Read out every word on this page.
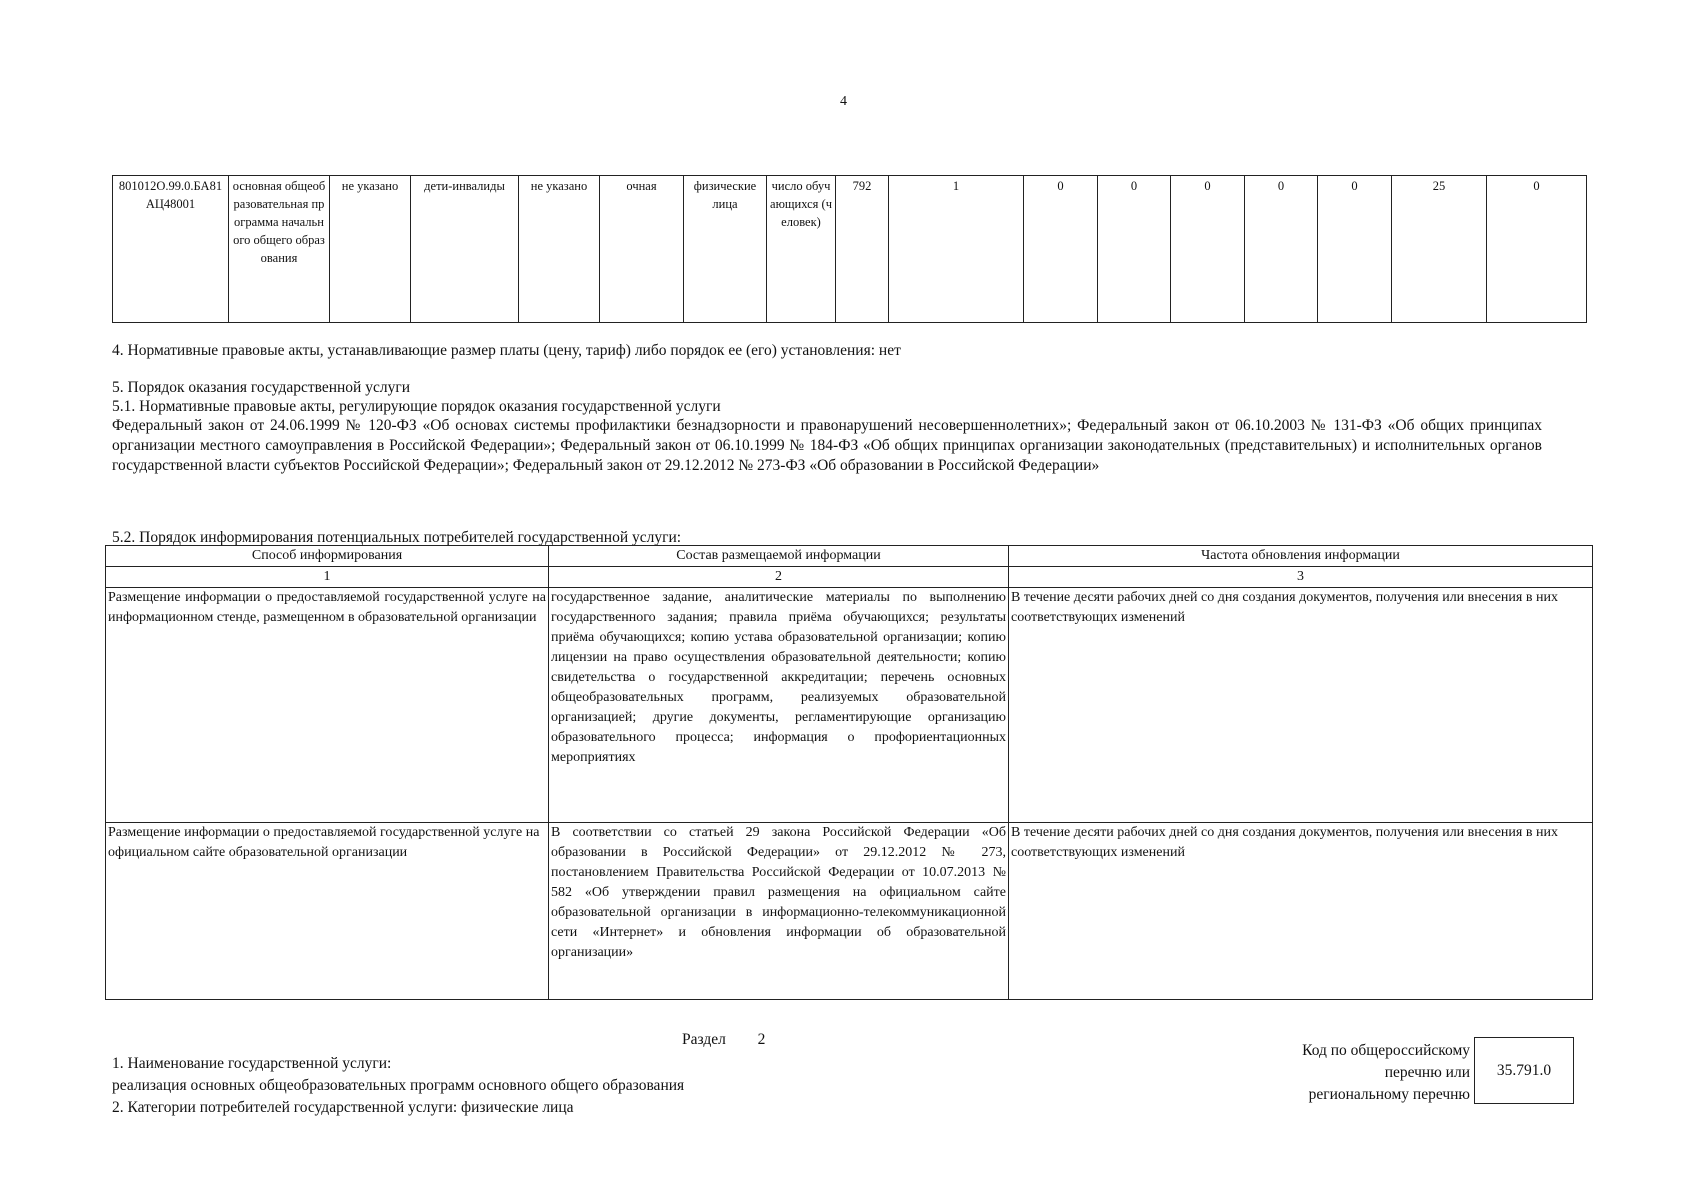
4
801012О.99.0.БА81АЦ48001	основная общеобразовательная программа начального общего образования	не указано	дети-инвалиды	не указано	очная	физические лица	число обучающихся (человек)	792	1	0	0	0	0	0	25	0
4. Нормативные правовые акты, устанавливающие размер платы (цену, тариф) либо порядок ее (его) установления: нет
5. Порядок оказания государственной услуги
5.1. Нормативные правовые акты, регулирующие порядок оказания государственной услуги
Федеральный закон от 24.06.1999 № 120-ФЗ «Об основах системы профилактики безнадзорности и правонарушений несовершеннолетних»; Федеральный закон от 06.10.2003 № 131-ФЗ «Об общих принципах организации местного самоуправления в Российской Федерации»; Федеральный закон от 06.10.1999 № 184-ФЗ «Об общих принципах организации законодательных (представительных) и исполнительных органов государственной власти субъектов Российской Федерации»; Федеральный закон от 29.12.2012 № 273-ФЗ «Об образовании в Российской Федерации»
5.2. Порядок информирования потенциальных потребителей государственной услуги:
Способ информирования	Состав размещаемой информации	Частота обновления информации
1	2	3
Размещение информации о предоставляемой государственной услуге на информационном стенде, размещенном в образовательной организации	государственное задание, аналитические материалы по выполнению государственного задания; правила приёма обучающихся; результаты приёма обучающихся; копию устава образовательной организации; копию лицензии на право осуществления образовательной деятельности; копию свидетельства о государственной аккредитации; перечень основных общеобразовательных программ, реализуемых образовательной организацией; другие документы, регламентирующие организацию образовательного процесса; информация о профориентационных мероприятиях	В течение десяти рабочих дней со дня создания документов, получения или внесения в них соответствующих изменений
Размещение информации о предоставляемой государственной услуге на официальном сайте образовательной организации	В соответствии со статьей 29 закона Российской Федерации «Об образовании в Российской Федерации» от 29.12.2012 № 273, постановлением Правительства Российской Федерации от 10.07.2013 № 582 «Об утверждении правил размещения на официальном сайте образовательной организации в информационно-телекоммуникационной сети «Интернет» и обновления информации об образовательной организации»	В течение десяти рабочих дней со дня создания документов, получения или внесения в них соответствующих изменений
Раздел 2
1. Наименование государственной услуги:
реализация основных общеобразовательных программ основного общего образования
2. Категории потребителей государственной услуги: физические лица
Код по общероссийскому
перечню или
региональному перечню
35.791.0
